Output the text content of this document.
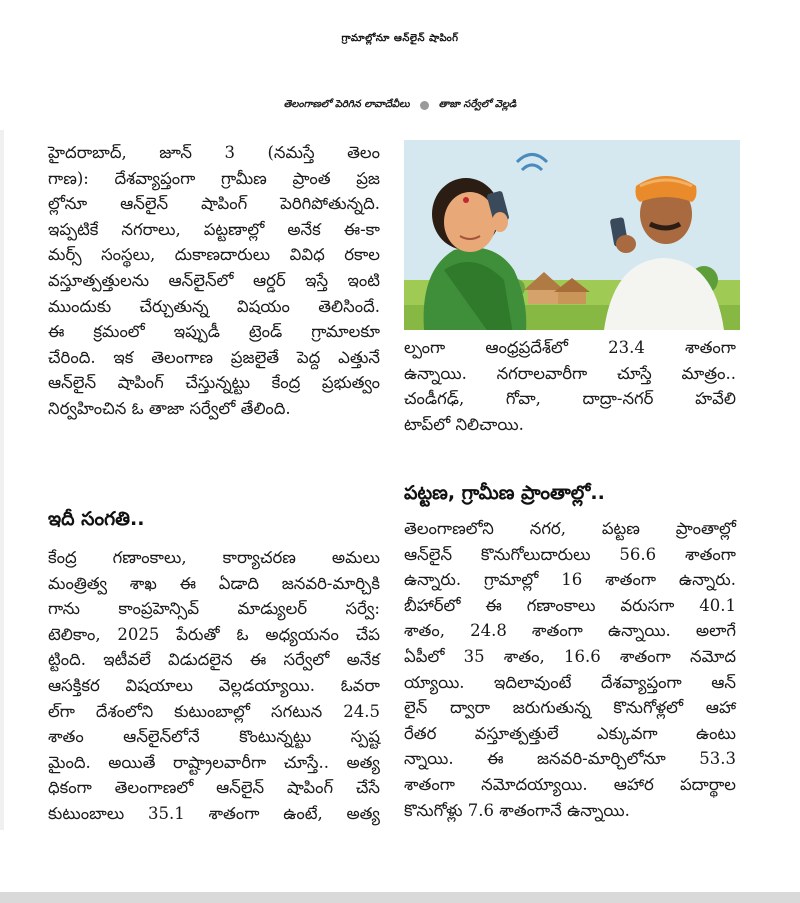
గ్రామాల్లోనూ ఆన్‌లైన్ షాపింగ్
తెలంగాణలో పెరిగిన లావాదేవీలు	తాజా సర్వేలో వెల్లడి
హైదరాబాద్, జూన్ 3 (నమస్తే తెలం
గాణ): దేశవ్యాప్తంగా గ్రామీణ ప్రాంత ప్రజ
ల్లోనూ ఆన్‌లైన్ షాపింగ్ పెరిగిపోతున్నది.
ఇప్పటికే నగరాలు, పట్టణాల్లో అనేక ఈ-కా
మర్స్ సంస్థలు, దుకాణదారులు వివిధ రకాల
వస్తూత్పత్తులను ఆన్‌లైన్‌లో ఆర్డర్ ఇస్తే ఇంటి
ముందుకు చేర్చుతున్న విషయం తెలిసిందే.
ఈ క్రమంలో ఇప్పుడీ ట్రెండ్ గ్రామాలకూ
చేరింది. ఇక తెలంగాణ ప్రజలైతే పెద్ద ఎత్తునే
ఆన్‌లైన్ షాపింగ్ చేస్తున్నట్టు కేంద్ర ప్రభుత్వం
నిర్వహించిన ఓ తాజా సర్వేలో తేలింది.
ఇదీ సంగతి..
కేంద్ర గణాంకాలు, కార్యాచరణ అమలు
మంత్రిత్వ శాఖ ఈ ఏడాది జనవరి-మార్చికి
గాను కాంప్రహెన్సివ్ మాడ్యులర్ సర్వే:
టెలికాం, 2025 పేరుతో ఓ అధ్యయనం చేప
ట్టింది. ఇటీవలే విడుదలైన ఈ సర్వేలో అనేక
ఆసక్తికర విషయాలు వెల్లడయ్యాయి. ఓవరా
ల్‌గా దేశంలోని కుటుంబాల్లో సగటున 24.5
శాతం ఆన్‌లైన్‌లోనే కొంటున్నట్టు స్పష్ట
మైంది. అయితే రాష్ట్రాలవారీగా చూస్తే.. అత్య
ధికంగా తెలంగాణలో ఆన్‌లైన్ షాపింగ్ చేసే
కుటుంబాలు 35.1 శాతంగా ఉంటే, అత్య
ల్పంగా ఆంధ్రప్రదేశ్‌లో 23.4 శాతంగా
ఉన్నాయి. నగరాలవారీగా చూస్తే మాత్రం..
చండీగఢ్, గోవా, దాద్రా-నగర్ హవేలి
టాప్‌లో నిలిచాయి.
పట్టణ, గ్రామీణ ప్రాంతాల్లో..
తెలంగాణలోని నగర, పట్టణ ప్రాంతాల్లో
ఆన్‌లైన్ కొనుగోలుదారులు 56.6 శాతంగా
ఉన్నారు. గ్రామాల్లో 16 శాతంగా ఉన్నారు.
బీహార్‌లో ఈ గణాంకాలు వరుసగా 40.1
శాతం, 24.8 శాతంగా ఉన్నాయి. అలాగే
ఏపీలో 35 శాతం, 16.6 శాతంగా నమోద
య్యాయి. ఇదిలావుంటే దేశవ్యాప్తంగా ఆన్
లైన్ ద్వారా జరుగుతున్న కొనుగోళ్లలో ఆహా
రేతర వస్తూత్పత్తులే ఎక్కువగా ఉంటు
న్నాయి. ఈ జనవరి-మార్చిలోనూ 53.3
శాతంగా నమోదయ్యాయి. ఆహార పదార్థాల
కొనుగోళ్లు 7.6 శాతంగానే ఉన్నాయి.
